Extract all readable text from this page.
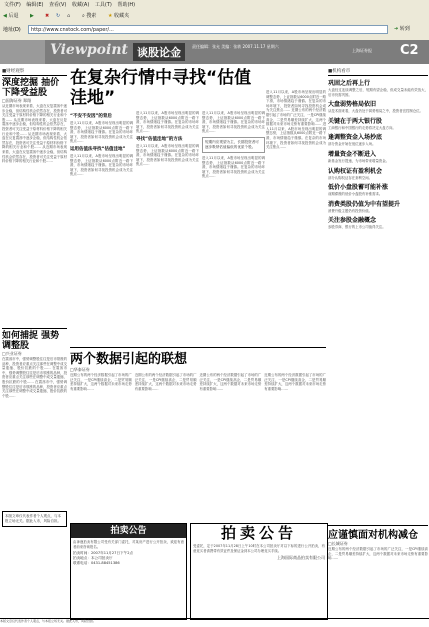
文件(F) 编辑(E) 查看(V) 收藏(A) 工具(T) 帮助(H)
◀ 后退 ▶ ✖ ↻ ⌂ ⌕ 搜索 ★ 收藏夹
地址(D)	http://www.cnstock.com/paper/...	➜ 转到
Viewpoint 谈股论金	责任编辑：张允 美编：张轶 2007.11.17 星期六
上海证券报 C2
■财经观察
深度挖掘 抽价下降受益股
□国海证券 郑翔
从近期市场表现来看，大盘在反复震荡中逐步企稳，但结构性机会依然存在，投资者可关注受益于原材料价格下降的相关行业和个股…… 从近期市场表现来看，大盘在反复震荡中逐步企稳，但结构性机会依然存在，投资者可关注受益于原材料价格下降的相关行业和个股…… 从近期市场表现来看，大盘在反复震荡中逐步企稳，但结构性机会依然存在，投资者可关注受益于原材料价格下降的相关行业和个股…… 从近期市场表现来看，大盘在反复震荡中逐步企稳，但结构性机会依然存在，投资者可关注受益于原材料价格下降的相关行业和个股……
如何捕捉 强势调整股
□兴业证券
在震荡市中，强势调整股往往是后市领涨的品种，投资者应重点关注那些在调整中成交量萎缩、股价抗跌的个股…… 在震荡市中，强势调整股往往是后市领涨的品种，投资者应重点关注那些在调整中成交量萎缩、股价抗跌的个股…… 在震荡市中，强势调整股往往是后市领涨的品种，投资者应重点关注那些在调整中成交量萎缩、股价抗跌的个股……
本版文章仅代表作者个人观点，与本报立场无关。据此入市，风险自担。
在复杂行情中寻找“估值洼地”
“不安不安因”的背后
进入11月以来，A股市场呈现出明显的调整态势，上证指数从6000点附近一路下滑，市场情绪趋于谨慎。在复杂的市场环境下，投资者如何寻找投资机会成为关注焦点……
运用估值法寻找“估值洼地”
进入11月以来，A股市场呈现出明显的调整态势，上证指数从6000点附近一路下滑，市场情绪趋于谨慎。在复杂的市场环境下，投资者如何寻找投资机会成为关注焦点……
进入11月以来，A股市场呈现出明显的调整态势，上证指数从6000点附近一路下滑，市场情绪趋于谨慎。在复杂的市场环境下，投资者如何寻找投资机会成为关注焦点……
寻找“估值洼地”的方法
进入11月以来，A股市场呈现出明显的调整态势，上证指数从6000点附近一路下滑，市场情绪趋于谨慎。在复杂的市场环境下，投资者如何寻找投资机会成为关注焦点……
进入11月以来，A股市场呈现出明显的调整态势，上证指数从6000点附近一路下滑，市场情绪趋于谨慎。在复杂的市场环境下，投资者如何寻找投资机会成为关注焦点……
短期内应观望为主，长期投资者可逐步吸纳估值偏低的优质个股。
进入11月以来，A股市场呈现出明显的调整态势，上证指数从6000点附近一路下滑，市场情绪趋于谨慎。在复杂的市场环境下，投资者如何寻找投资机会成为关注焦点……
进入11月以来，A股市场呈现出明显的调整态势，上证指数从6000点附近一路下滑，市场情绪趋于谨慎。在复杂的市场环境下，投资者如何寻找投资机会成为关注焦点…… 近期公布的两个经济数据引起了市场的广泛关注，一是CPI继续高企，二是贸易顺差持续扩大，这两个数据对未来市场走势有重要影响…… 进入11月以来，A股市场呈现出明显的调整态势，上证指数从6000点附近一路下滑，市场情绪趋于谨慎。在复杂的市场环境下，投资者如何寻找投资机会成为关注焦点……
两个数据引起的联想
□华泰证券
近期公布的两个经济数据引起了市场的广泛关注，一是CPI继续高企，二是贸易顺差持续扩大，这两个数据对未来市场走势有重要影响……
近期公布的两个经济数据引起了市场的广泛关注，一是CPI继续高企，二是贸易顺差持续扩大，这两个数据对未来市场走势有重要影响……
近期公布的两个经济数据引起了市场的广泛关注，一是CPI继续高企，二是贸易顺差持续扩大，这两个数据对未来市场走势有重要影响……
近期公布的两个经济数据引起了市场的广泛关注，一是CPI继续高企，二是贸易顺差持续扩大，这两个数据对未来市场走势有重要影响……
■机构看市
巩固之后再上行
大盘经过连续调整之后，短期有望企稳，但成交量未能有效放大，后市仍需巩固。
大盘弱势格局依旧
从技术面来看，大盘仍处于弱势格局之中，投资者宜控制仓位。
关键在于两大银行股
工商银行和中国银行的走势将决定大盘方向。
逢调整资金入场抄底
部分资金开始在低位逐步入场。
增量资金不断进入
新基金发行提速，为市场带来增量资金。
认购权证有盈利机会
部分认购权证存在套利空间。
低价小盘股蓄可能补涨
前期滞涨的低价小盘股有补涨需求。
消费类股仍值为中有望提升
消费升级主题仍有投资价值。
关注参股金融概念
参股券商、银行的上市公司值得关注。
应谨慎面对机构减仓
□长城证券
近期公布的两个经济数据引起了市场的广泛关注，一是CPI继续高企，二是贸易顺差持续扩大，这两个数据对未来市场走势有重要影响……
拍卖公告
由神鹿拍卖有限公司受有关部门委托，对某房产进行公开拍卖，欢迎有意者前来咨询报名。
拍卖时间：2007年11月27日下午2点
拍卖地点：本公司拍卖厅
联系电话：0431-88451386
拍卖公告
受委托，定于2007年11月28日上午10时在本公司拍卖厅对以下标的进行公开拍卖，有意竞买者请携带有效证件及保证金到本公司办理竞买手续。
上海国际商品拍卖有限公司
本版文章仅代表作者个人观点，与本报立场无关。据此入市，风险自担。
